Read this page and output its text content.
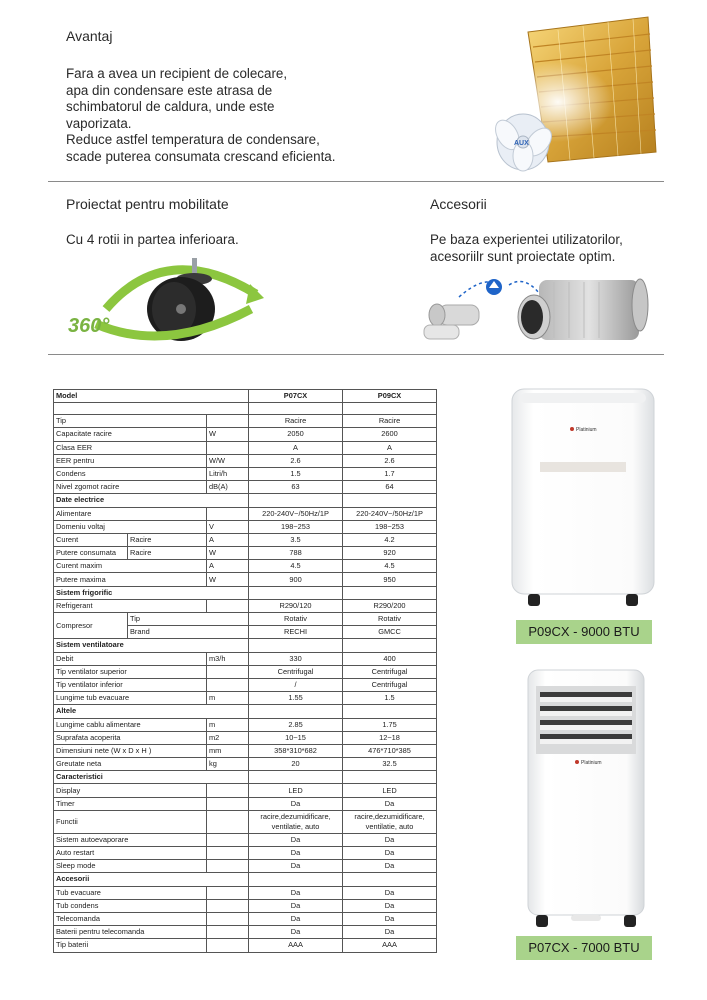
Avantaj
Fara a avea un recipient de colecare,
apa din condensare este atrasa de
schimbatorul de caldura, unde este
vaporizata.
Reduce astfel temperatura de condensare,
scade puterea consumata crescand eficienta.
AUX
Proiectat pentru mobilitate
Cu 4 rotii in partea inferioara.
360°
Accesorii
Pe baza experientei utilizatorilor,
acesoriilr sunt proiectate optim.
Model			P07CX	P09CX

Tip			Racire	Racire
Capacitate racire		W	2050	2600
Clasa EER			A	A
EER pentru		W/W	2.6	2.6
Condens		Litri/h	1.5	1.7
Nivel zgomot racire		dB(A)	63	64
Date electrice				
Alimentare			220-240V~/50Hz/1P	220-240V~/50Hz/1P
Domeniu voltaj		V	198~253	198~253
Curent	Racire	A	3.5	4.2
Putere consumata	Racire	W	788	920
Curent maxim		A	4.5	4.5
Putere maxima		W	900	950
Sistem frigorific				
Refrigerant			R290/120	R290/200
Compresor	Tip		Rotativ	Rotativ
	Brand		RECHI	GMCC
Sistem ventilatoare				
Debit		m3/h	330	400
Tip ventilator superior			Centrifugal	Centrifugal
Tip ventilator inferior			/	Centrifugal
Lungime tub evacuare		m	1.55	1.5
Altele				
Lungime cablu alimentare		m	2.85	1.75
Suprafata acoperita		m2	10~15	12~18
Dimensiuni nete (W x D x H )		mm	358*310*682	476*710*385
Greutate neta		kg	20	32.5
Caracteristici				
Display			LED	LED
Timer			Da	Da
Functii			racire,dezumidificare, ventilatie, auto	racire,dezumidificare, ventilatie, auto
Sistem autoevaporare			Da	Da
Auto restart			Da	Da
Sleep mode			Da	Da
Accesorii				
Tub evacuare			Da	Da
Tub condens			Da	Da
Telecomanda			Da	Da
Baterii pentru telecomanda			Da	Da
Tip baterii			AAA	AAA
Platinium
P09CX - 9000 BTU
Platinium
P07CX - 7000 BTU
